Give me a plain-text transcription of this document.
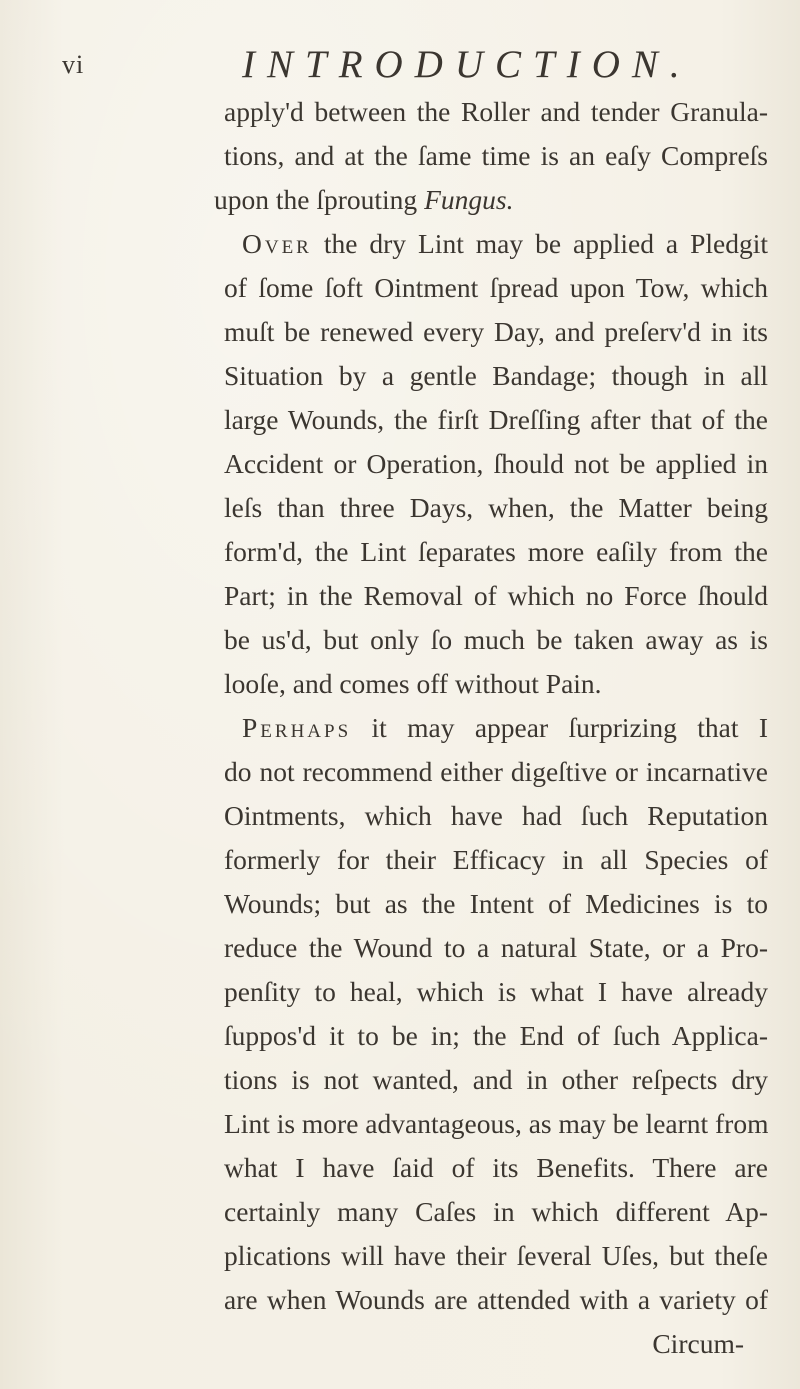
vi	INTRODUCTION.
apply'd between the Roller and tender Granula-
tions, and at the ſame time is an eaſy Compreſs
upon the ſprouting Fungus.
Over the dry Lint may be applied a Pledgit
of ſome ſoft Ointment ſpread upon Tow, which
muſt be renewed every Day, and preſerv'd in its
Situation by a gentle Bandage; though in all
large Wounds, the firſt Dreſſing after that of the
Accident or Operation, ſhould not be applied in
leſs than three Days, when, the Matter being
form'd, the Lint ſeparates more eaſily from the
Part; in the Removal of which no Force ſhould
be us'd, but only ſo much be taken away as is
looſe, and comes off without Pain.
Perhaps it may appear ſurprizing that I
do not recommend either digeſtive or incarnative
Ointments, which have had ſuch Reputation
formerly for their Efficacy in all Species of
Wounds; but as the Intent of Medicines is to
reduce the Wound to a natural State, or a Pro-
penſity to heal, which is what I have already
ſuppos'd it to be in; the End of ſuch Applica-
tions is not wanted, and in other reſpects dry
Lint is more advantageous, as may be learnt from
what I have ſaid of its Benefits. There are
certainly many Caſes in which different Ap-
plications will have their ſeveral Uſes, but theſe
are when Wounds are attended with a variety of
Circum-
